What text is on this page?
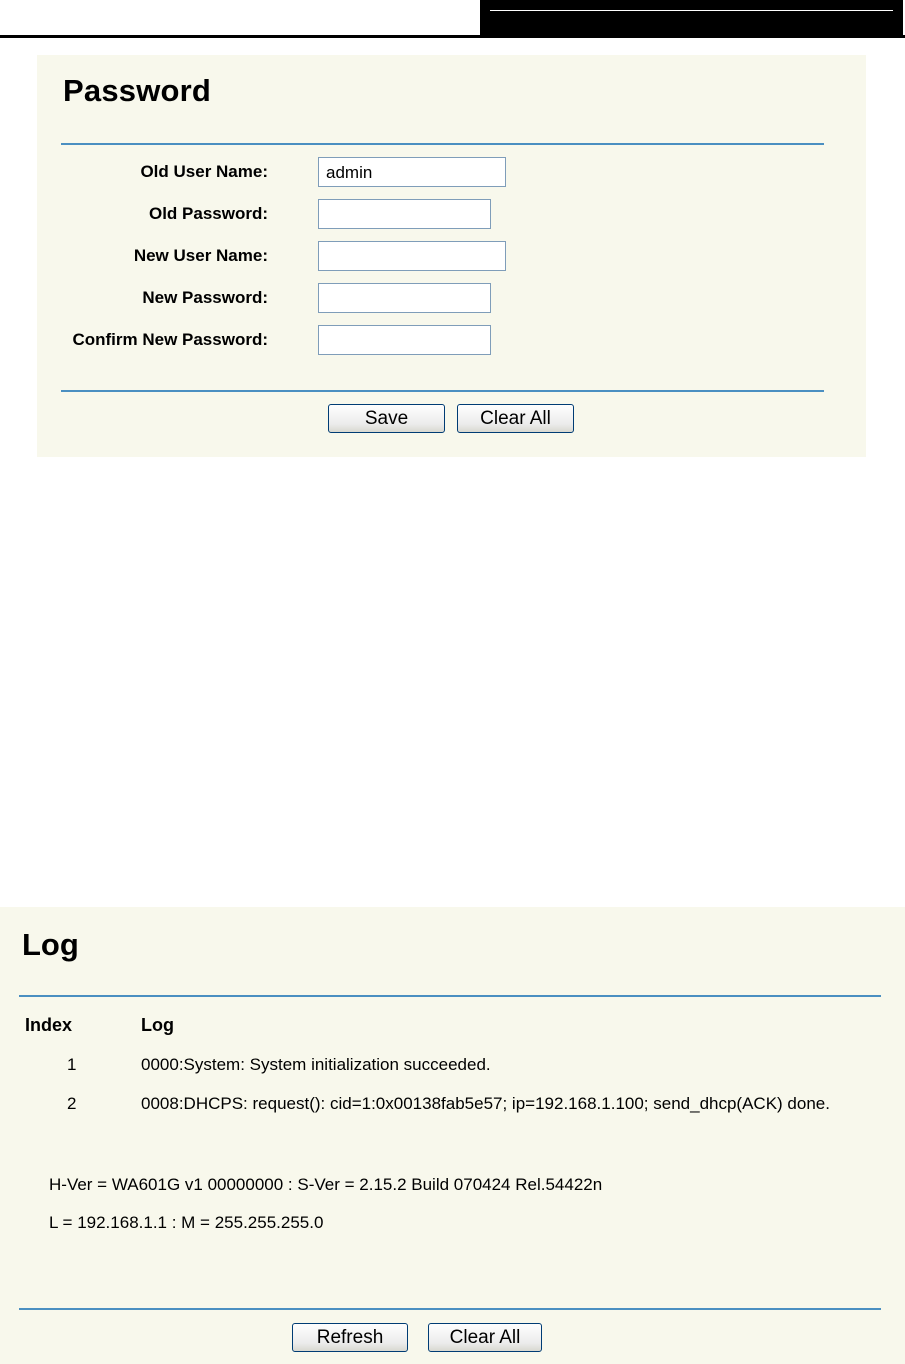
Password
Old User Name:
admin
Old Password:
New User Name:
New Password:
Confirm New Password:
Save	Clear All
Log
Index	Log
1	0000:System: System initialization succeeded.
2	0008:DHCPS: request(): cid=1:0x00138fab5e57; ip=192.168.1.100; send_dhcp(ACK) done.
H-Ver = WA601G v1 00000000 : S-Ver = 2.15.2 Build 070424 Rel.54422n
L = 192.168.1.1 : M = 255.255.255.0
Refresh	Clear All
